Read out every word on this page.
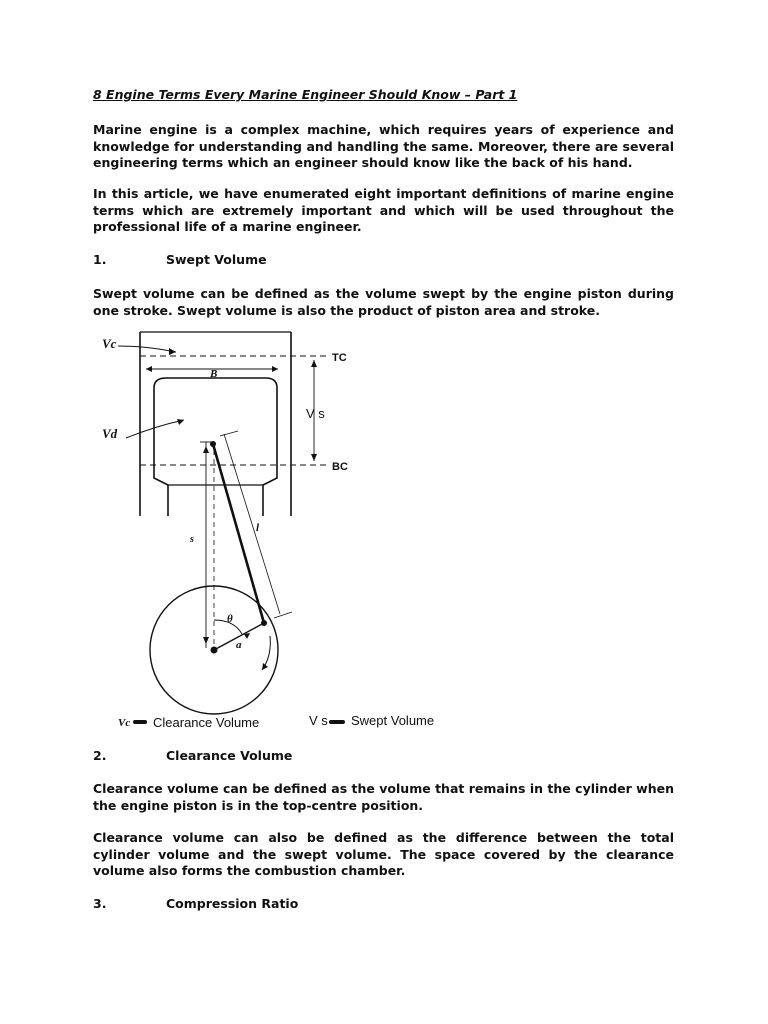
8 Engine Terms Every Marine Engineer Should Know – Part 1

Marine engine is a complex machine, which requires years of experience and knowledge for understanding and handling the same. Moreover, there are several engineering terms which an engineer should know like the back of his hand.

In this article, we have enumerated eight important definitions of marine engine terms which are extremely important and which will be used throughout the professional life of a marine engineer.

1.	Swept Volume

Swept volume can be defined as the volume swept by the engine piston during one stroke. Swept volume is also the product of piston area and stroke.

Vc
Vd
B
s
l
θ
a
TC
BC
V s
Vc Clearance Volume	V s Swept Volume
2.	Clearance Volume

Clearance volume can be defined as the volume that remains in the cylinder when the engine piston is in the top-centre position.

Clearance volume can also be defined as the difference between the total cylinder volume and the swept volume. The space covered by the clearance volume also forms the combustion chamber.

3.	Compression Ratio
